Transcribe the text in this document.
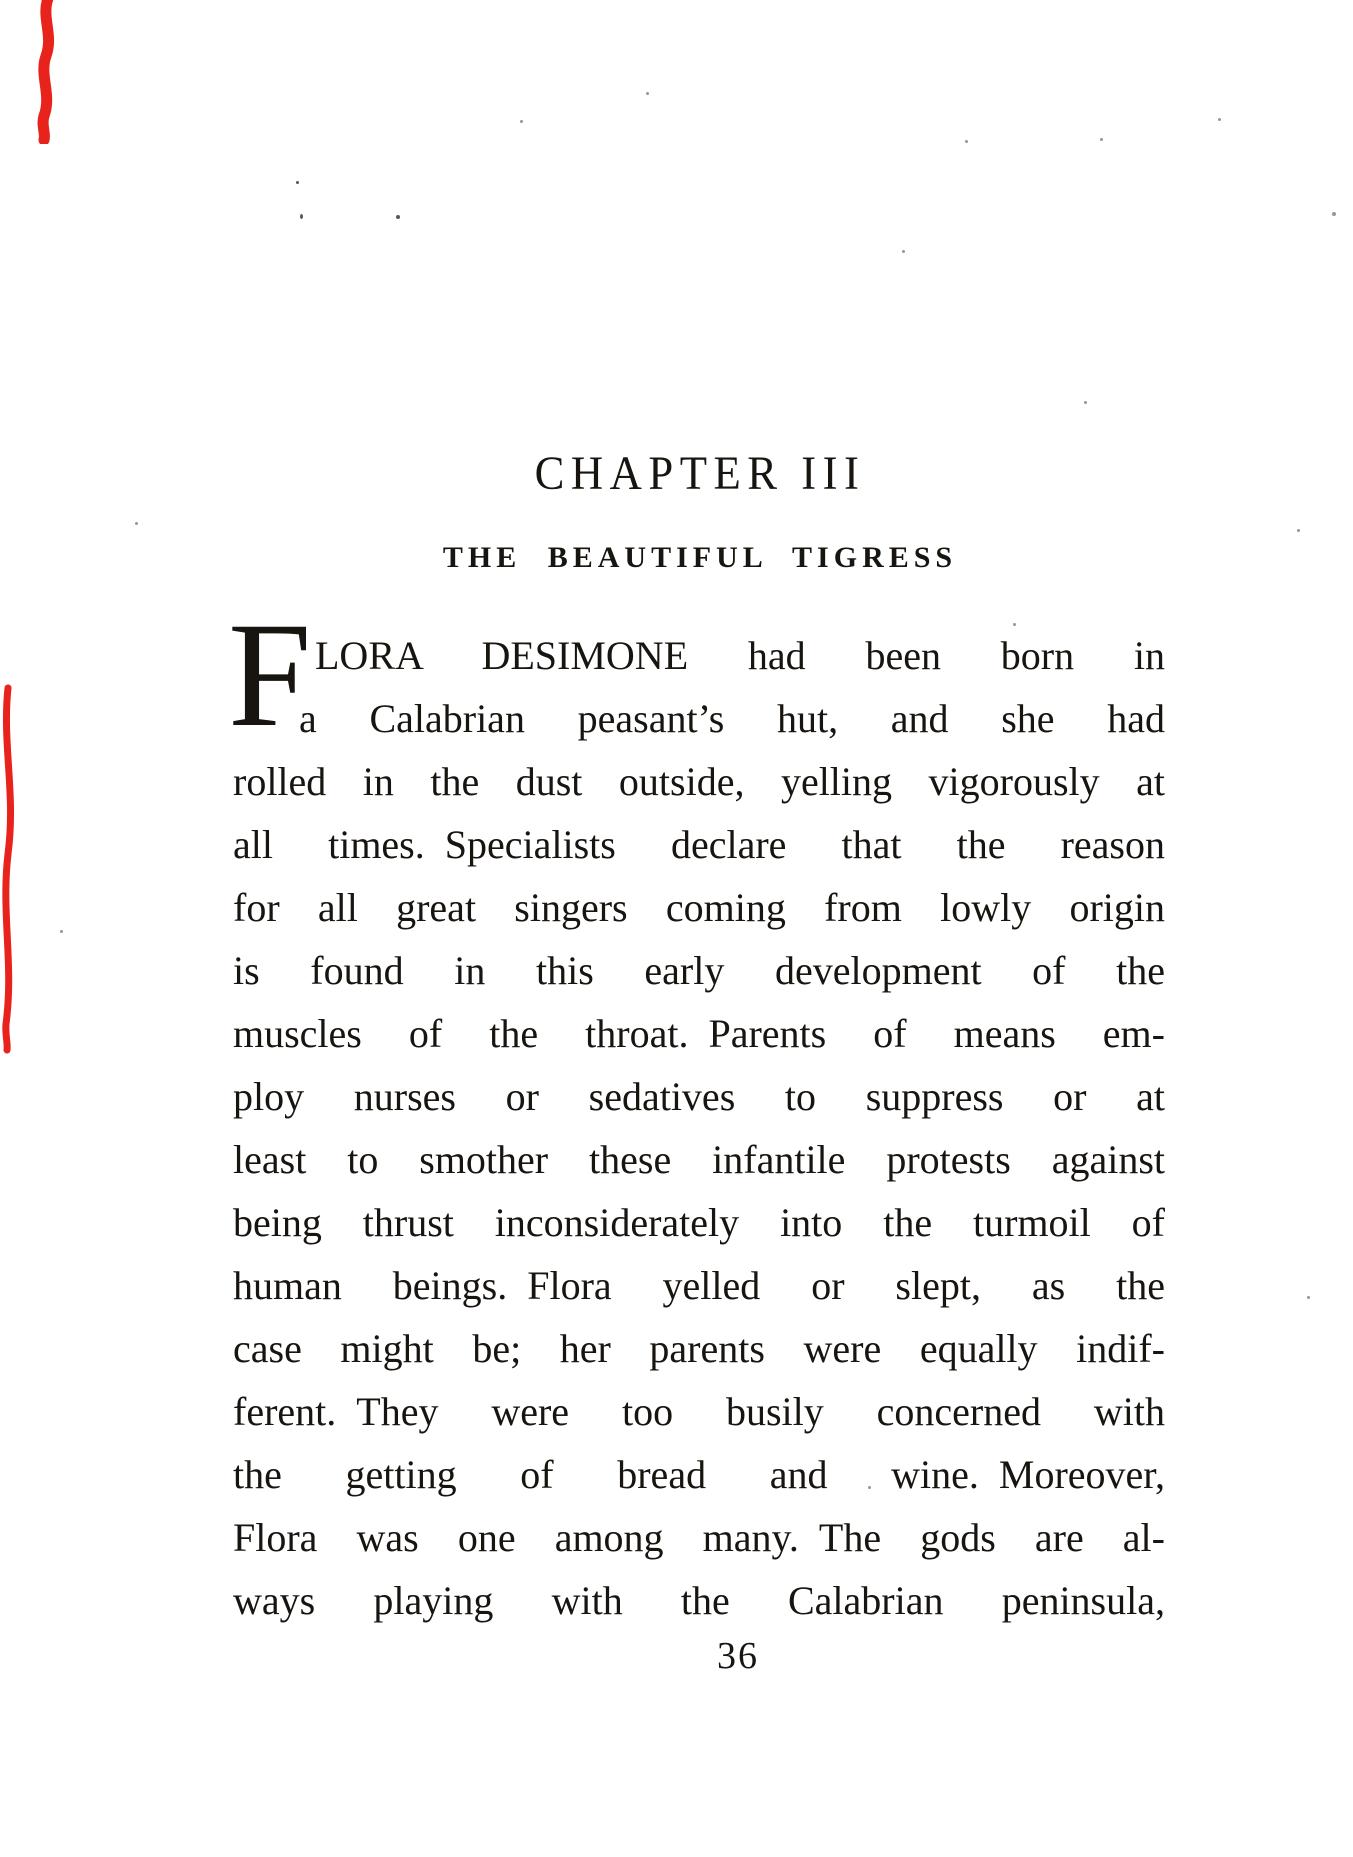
CHAPTER III
THE BEAUTIFUL TIGRESS
F LORA DESIMONE had been born in
a Calabrian peasant’s hut, and she had
rolled in the dust outside, yelling vigorously at
all times. Specialists declare that the reason
for all great singers coming from lowly origin
is found in this early development of the
muscles of the throat. Parents of means em-
ploy nurses or sedatives to suppress or at
least to smother these infantile protests against
being thrust inconsiderately into the turmoil of
human beings. Flora yelled or slept, as the
case might be; her parents were equally indif-
ferent. They were too busily concerned with
the getting of bread and wine. Moreover,
Flora was one among many. The gods are al-
ways playing with the Calabrian peninsula,
36
